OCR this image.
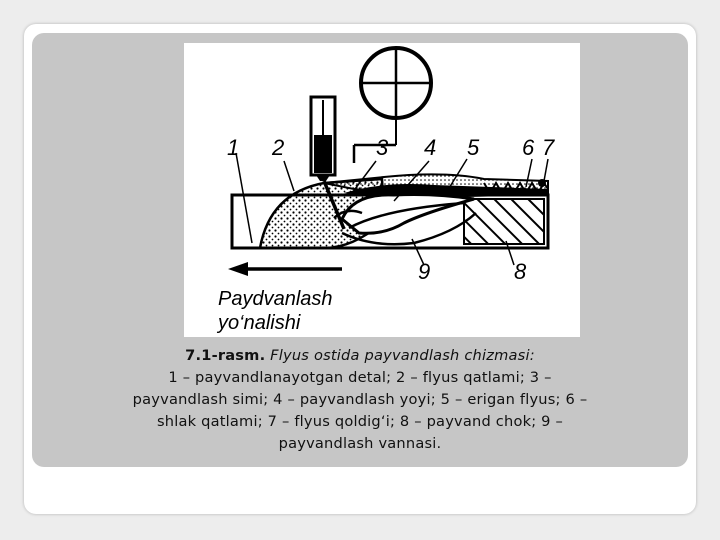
1 2	3 4 5 6 7
8
9
Paydvanlash
yo‘nalishi
7.1-rasm. Flyus ostida payvandlash chizmasi:
1 – payvandlanayotgan detal; 2 – flyus qatlami; 3 –
payvandlash simi; 4 – payvandlash yoyi; 5 – erigan flyus; 6 –
shlak qatlami; 7 – flyus qoldig‘i; 8 – payvand chok; 9 –
payvandlash vannasi.
